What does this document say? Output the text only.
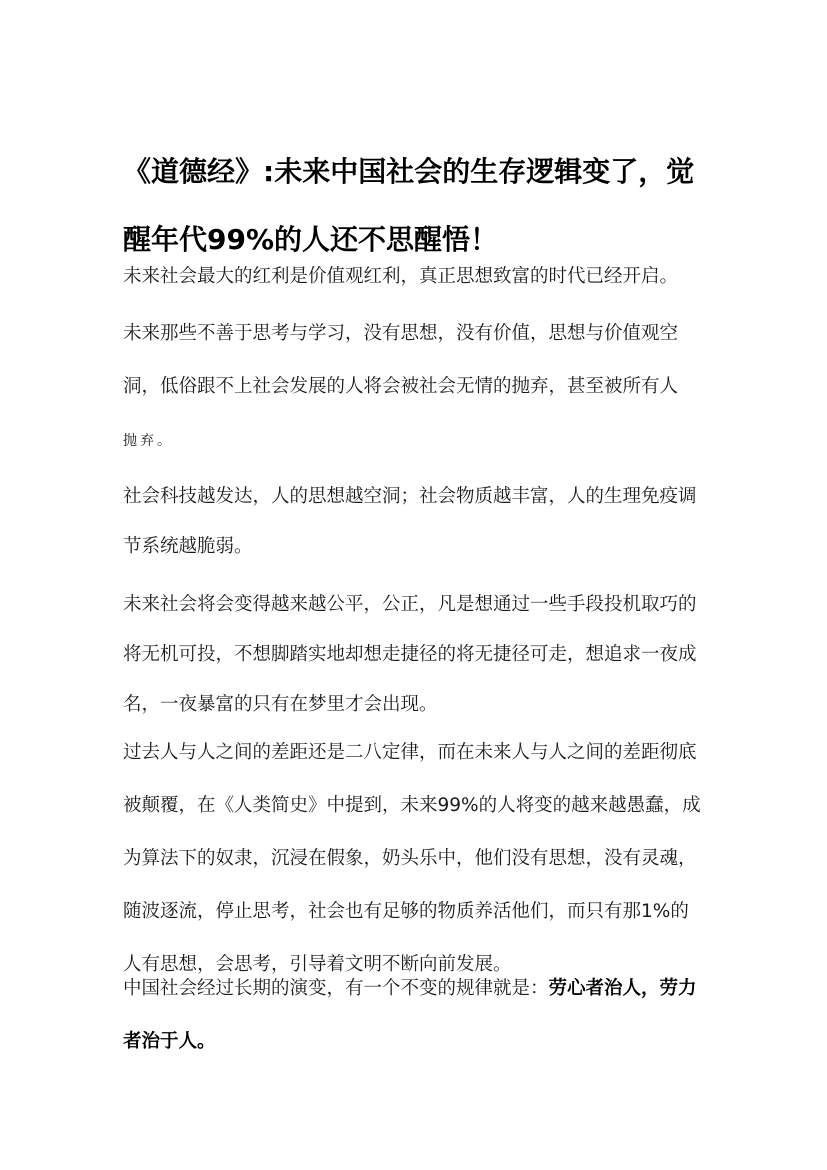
《道德经》:未来中国社会的生存逻辑变了，觉醒年代99%的人还不思醒悟！

未来社会最大的红利是价值观红利，真正思想致富的时代已经开启。

未来那些不善于思考与学习，没有思想，没有价值，思想与价值观空洞，低俗跟不上社会发展的人将会被社会无情的抛弃，甚至被所有人
抛弃。

社会科技越发达，人的思想越空洞；社会物质越丰富，人的生理免疫调节系统越脆弱。

未来社会将会变得越来越公平，公正，凡是想通过一些手段投机取巧的将无机可投，不想脚踏实地却想走捷径的将无捷径可走，想追求一夜成名，一夜暴富的只有在梦里才会出现。

过去人与人之间的差距还是二八定律，而在未来人与人之间的差距彻底被颠覆，在《人类简史》中提到，未来99%的人将变的越来越愚蠢，成为算法下的奴隶，沉浸在假象，奶头乐中，他们没有思想，没有灵魂，随波逐流，停止思考，社会也有足够的物质养活他们，而只有那1%的人有思想，会思考，引导着文明不断向前发展。

中国社会经过长期的演变，有一个不变的规律就是：劳心者治人，劳力者治于人。
